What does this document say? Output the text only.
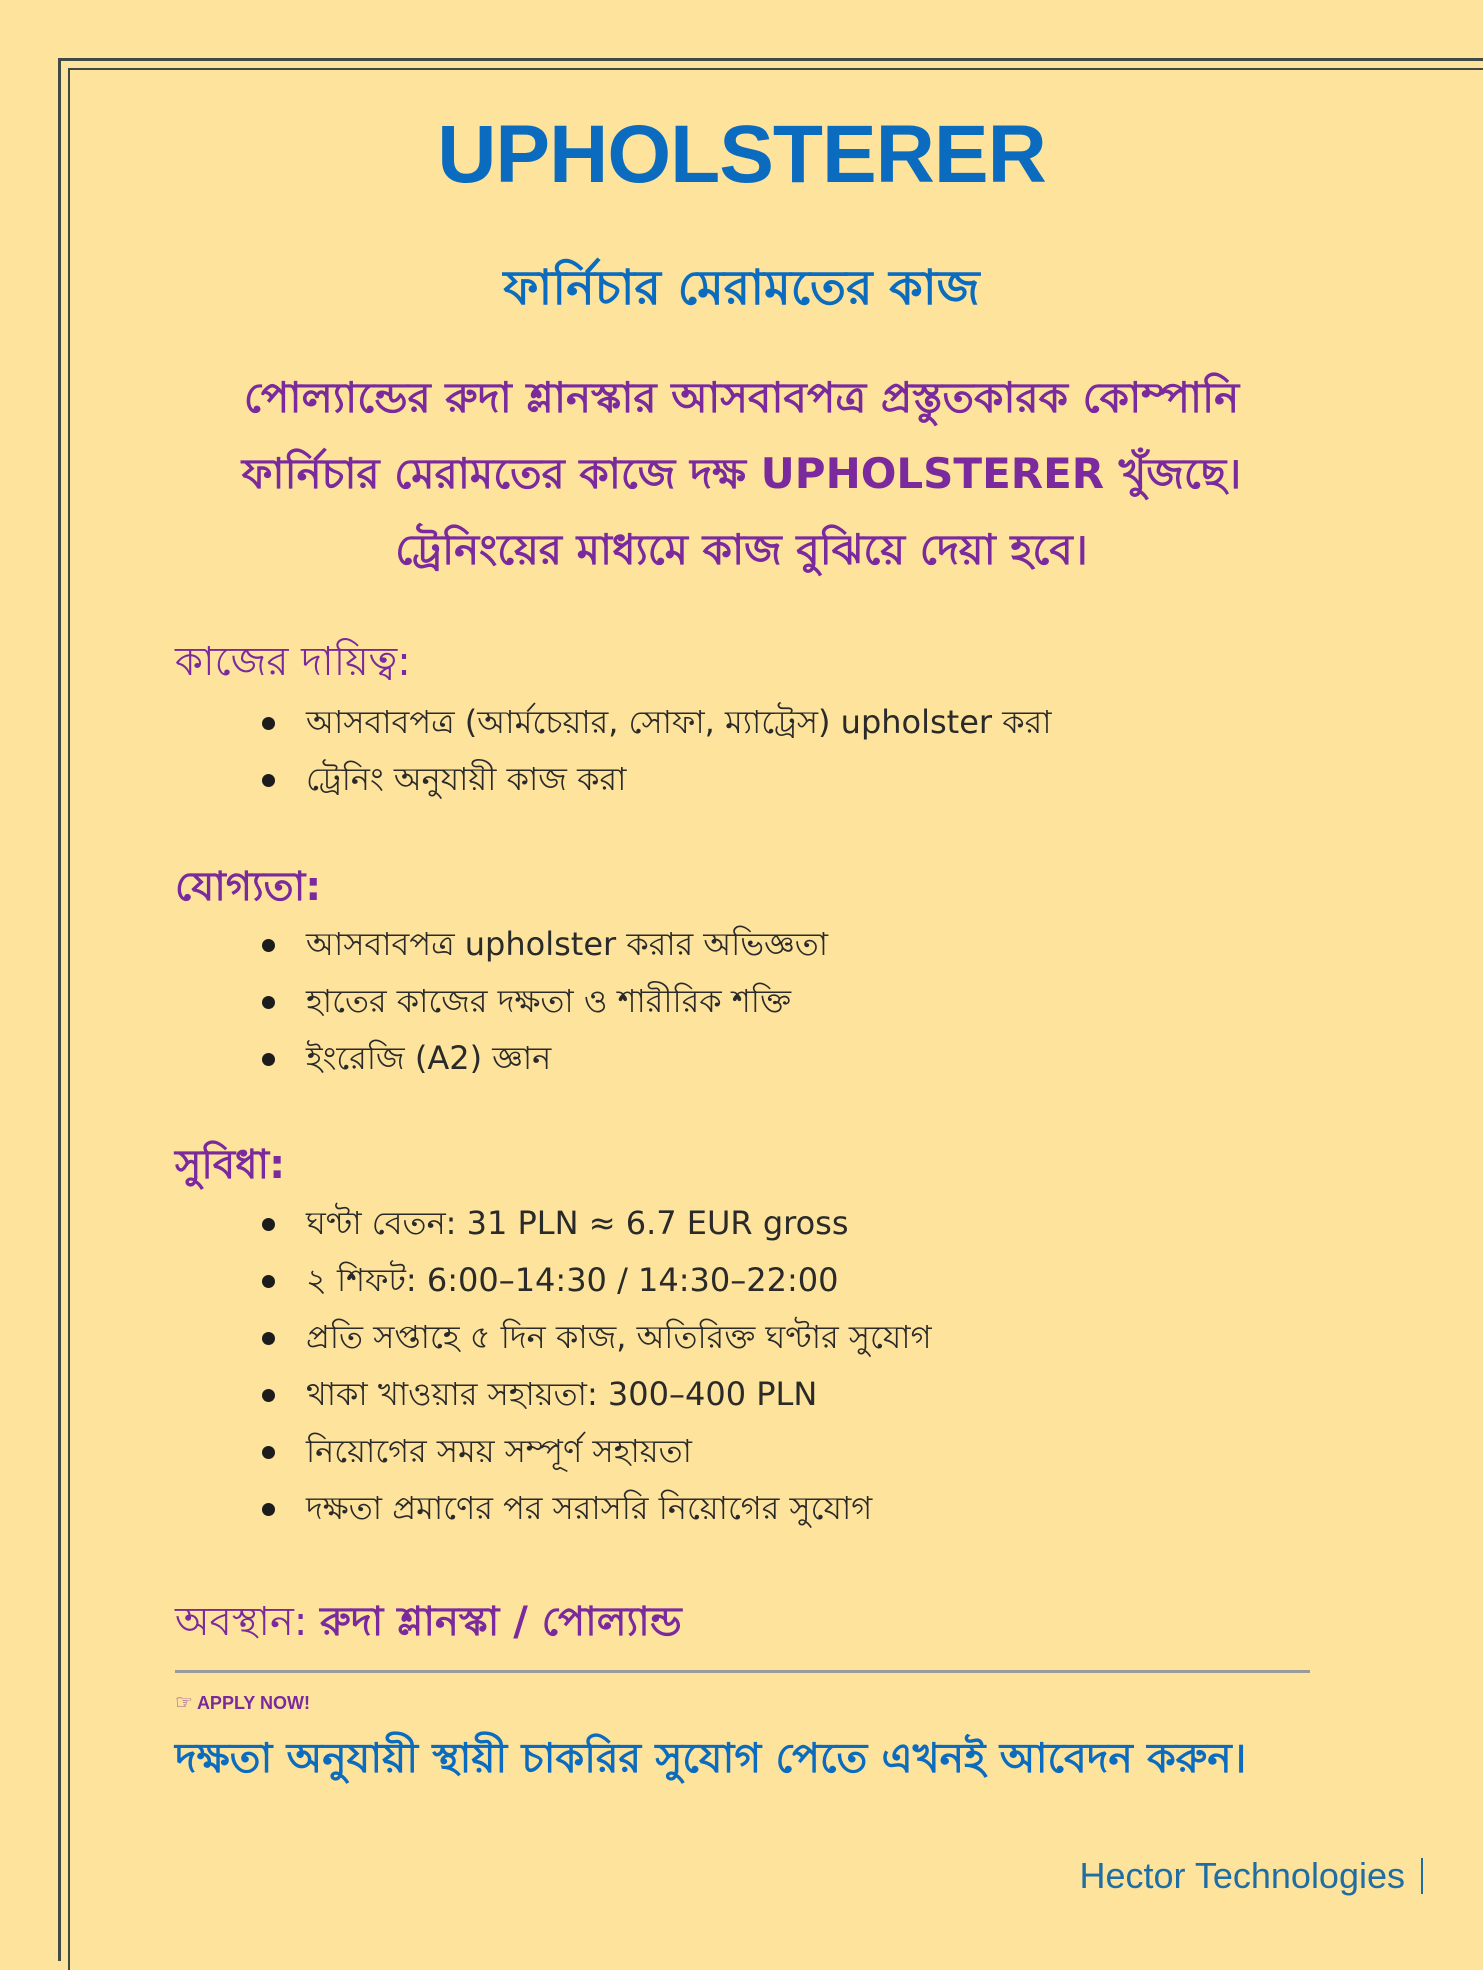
UPHOLSTERER
ফার্নিচার মেরামতের কাজ
পোল্যান্ডের রুদা শ্লানস্কার আসবাবপত্র প্রস্তুতকারক কোম্পানি
ফার্নিচার মেরামতের কাজে দক্ষ UPHOLSTERER খুঁজছে।
ট্রেনিংয়ের মাধ্যমে কাজ বুঝিয়ে দেয়া হবে।
কাজের দায়িত্ব:
আসবাবপত্র (আর্মচেয়ার, সোফা, ম্যাট্রেস) upholster করা
ট্রেনিং অনুযায়ী কাজ করা
যোগ্যতা:
আসবাবপত্র upholster করার অভিজ্ঞতা
হাতের কাজের দক্ষতা ও শারীরিক শক্তি
ইংরেজি (A2) জ্ঞান
সুবিধা:
ঘণ্টা বেতন: 31 PLN ≈ 6.7 EUR gross
২ শিফট: 6:00–14:30 / 14:30–22:00
প্রতি সপ্তাহে ৫ দিন কাজ, অতিরিক্ত ঘণ্টার সুযোগ
থাকা খাওয়ার সহায়তা: 300–400 PLN
নিয়োগের সময় সম্পূর্ণ সহায়তা
দক্ষতা প্রমাণের পর সরাসরি নিয়োগের সুযোগ
অবস্থান: রুদা শ্লানস্কা / পোল্যান্ড
☞ APPLY NOW!
দক্ষতা অনুযায়ী স্থায়ী চাকরির সুযোগ পেতে এখনই আবেদন করুন।
Hector Technologies
